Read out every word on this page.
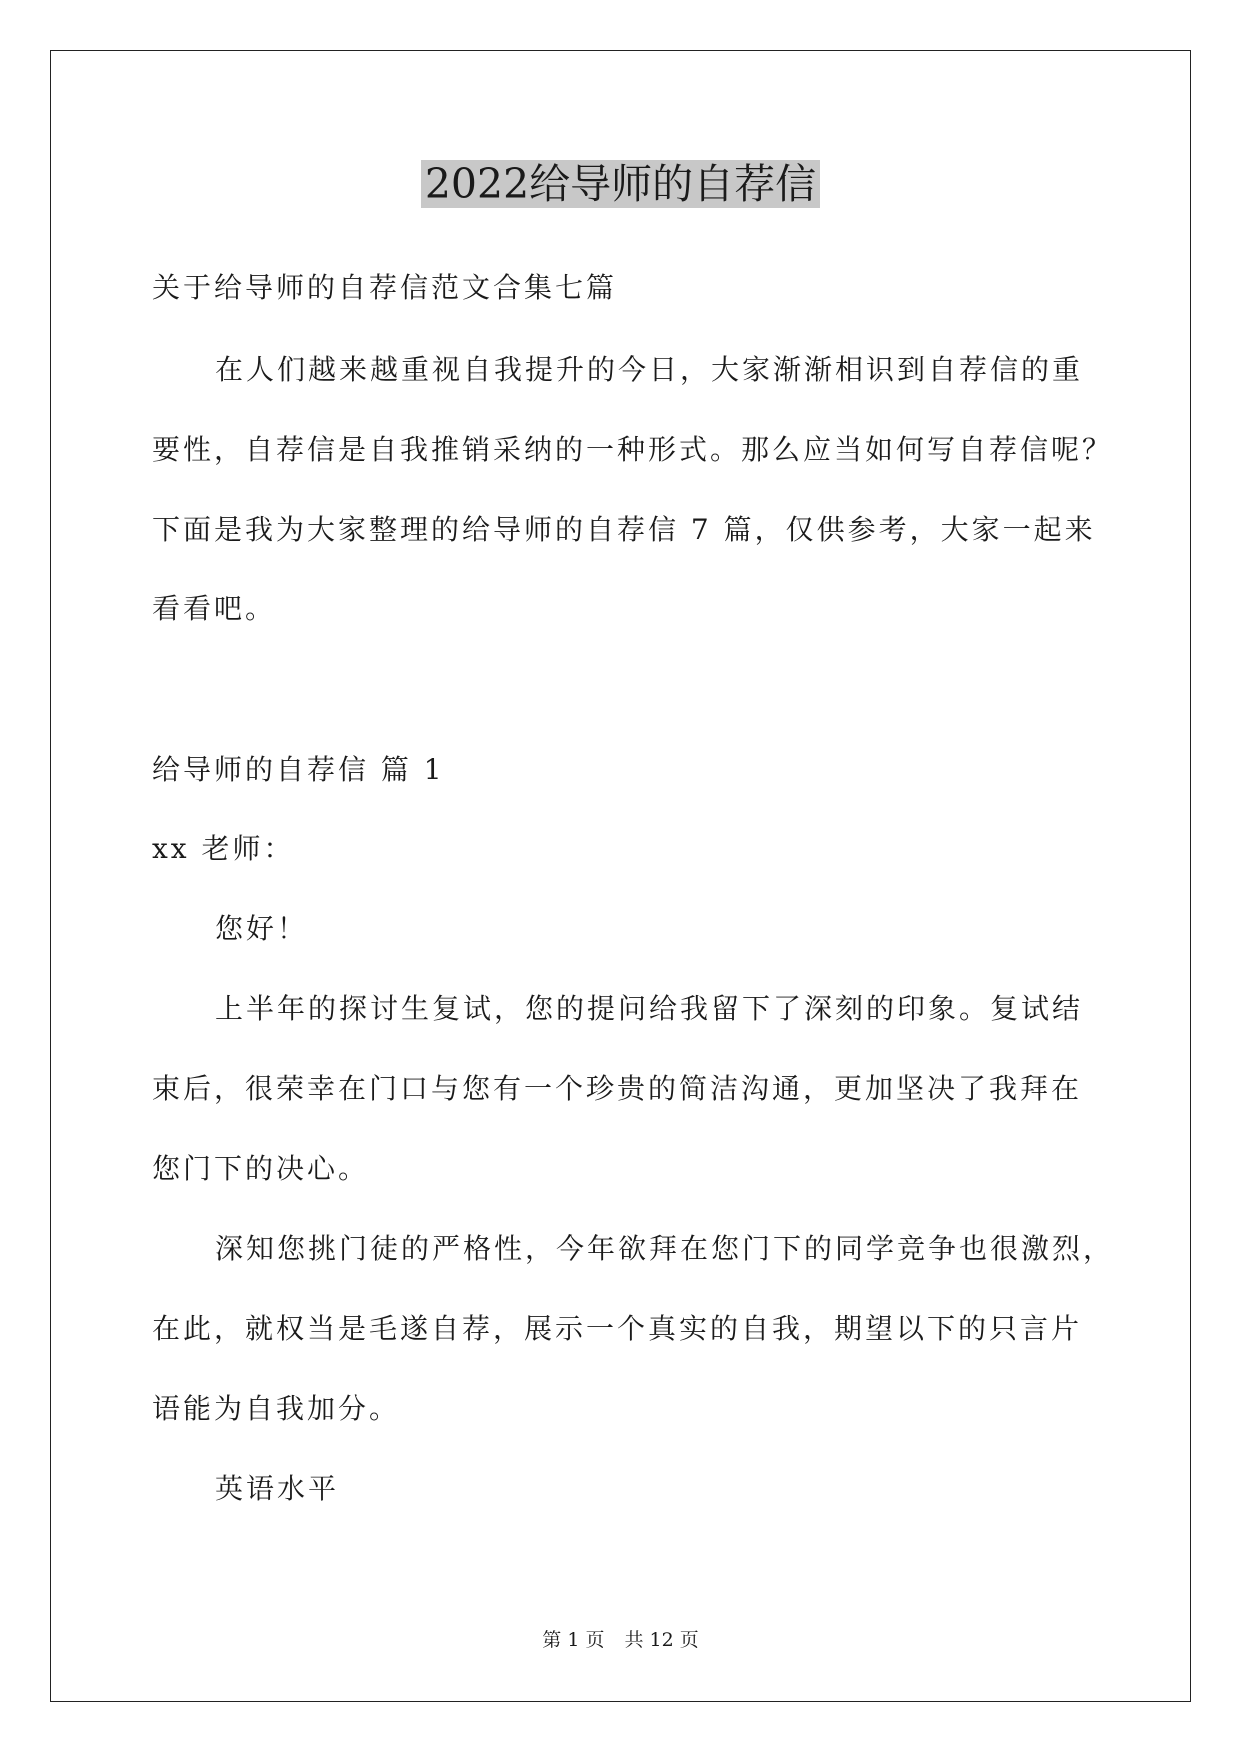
2022给导师的自荐信
关于给导师的自荐信范文合集七篇
在人们越来越重视自我提升的今日，大家渐渐相识到自荐信的重
要性，自荐信是自我推销采纳的一种形式。那么应当如何写自荐信呢？
下面是我为大家整理的给导师的自荐信 7 篇，仅供参考，大家一起来
看看吧。
给导师的自荐信 篇 1
xx 老师：
您好！
上半年的探讨生复试，您的提问给我留下了深刻的印象。复试结
束后，很荣幸在门口与您有一个珍贵的简洁沟通，更加坚决了我拜在
您门下的决心。
深知您挑门徒的严格性，今年欲拜在您门下的同学竞争也很激烈，
在此，就权当是毛遂自荐，展示一个真实的自我，期望以下的只言片
语能为自我加分。
英语水平
第 1 页 共 12 页
